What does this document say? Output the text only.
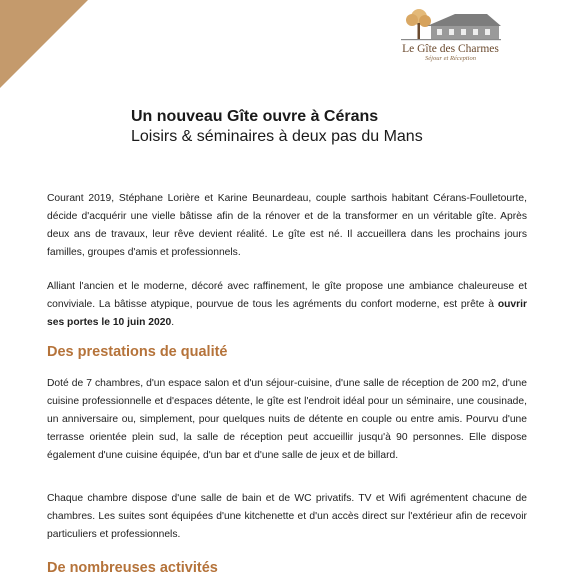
Le Gîte des Charmes
Séjour et Réception
Un nouveau Gîte ouvre à Cérans
Loisirs & séminaires à deux pas du Mans
Courant 2019, Stéphane Lorière et Karine Beunardeau, couple sarthois habitant Cérans-Foulletourte, décide d'acquérir une vielle bâtisse afin de la rénover et de la transformer en un véritable gîte. Après deux ans de travaux, leur rêve devient réalité. Le gîte est né. Il accueillera dans les prochains jours familles, groupes d'amis et professionnels.
Alliant l'ancien et le moderne, décoré avec raffinement, le gîte propose une ambiance chaleureuse et conviviale. La bâtisse atypique, pourvue de tous les agréments du confort moderne, est prête à ouvrir ses portes le 10 juin 2020.
Des prestations de qualité
Doté de 7 chambres, d'un espace salon et d'un séjour-cuisine, d'une salle de réception de 200 m2, d'une cuisine professionnelle et d'espaces détente, le gîte est l'endroit idéal pour un séminaire, une cousinade, un anniversaire ou, simplement, pour quelques nuits de détente en couple ou entre amis. Pourvu d'une terrasse orientée plein sud, la salle de réception peut accueillir jusqu'à 90 personnes. Elle dispose également d'une cuisine équipée, d'un bar et d'une salle de jeux et de billard.
Chaque chambre dispose d'une salle de bain et de WC privatifs. TV et Wifi agrémentent chacune de chambres. Les suites sont équipées d'une kitchenette et d'un accès direct sur l'extérieur afin de recevoir particuliers et professionnels.
De nombreuses activités
